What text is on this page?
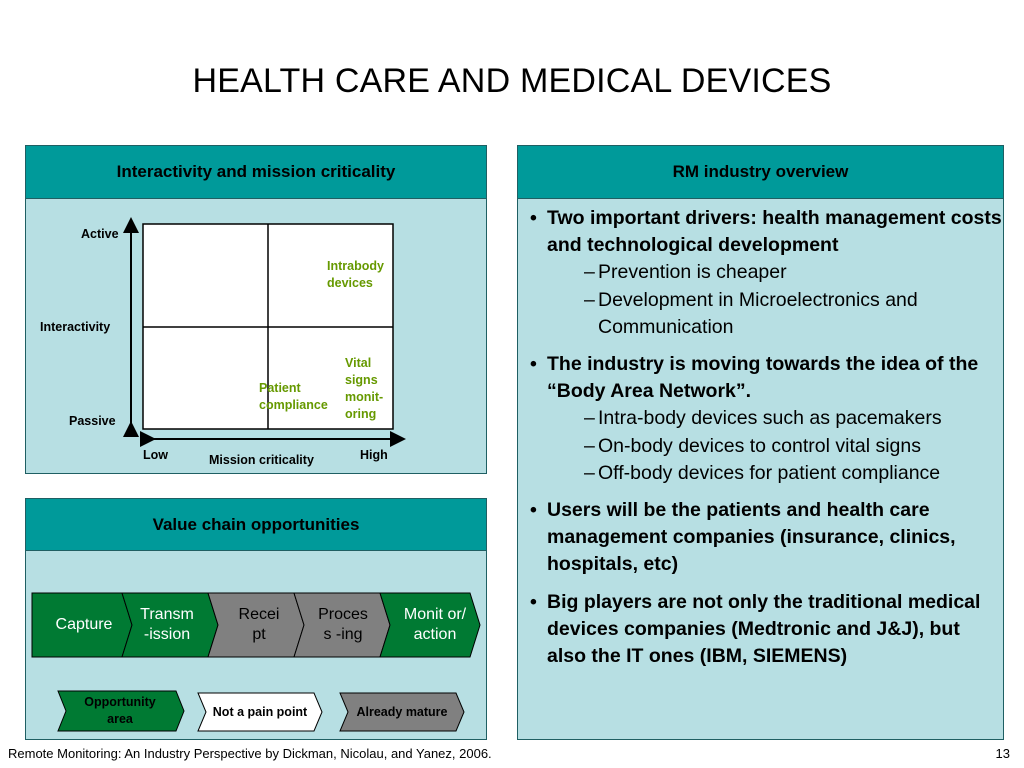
HEALTH CARE AND MEDICAL DEVICES
Interactivity and mission criticality
Active
Interactivity
Passive
Low	Mission criticality	High
Intrabody devices
Vital signs monit-oring
Patient compliance
Value chain opportunities
Capture
Transm -ission
Recei pt
Proces s -ing
Monit or/ action
Opportunity area
Not a pain point	Already mature
RM industry overview
• Two important drivers: health management costs and technological development
– Prevention is cheaper
– Development in Microelectronics and Communication
• The industry is moving towards the idea of the “Body Area Network”.
– Intra-body devices such as pacemakers
– On-body devices to control vital signs
– Off-body devices for patient compliance
• Users will be the patients and health care management companies (insurance, clinics, hospitals, etc)
• Big players are not only the traditional medical devices companies (Medtronic and J&J), but also the IT ones (IBM, SIEMENS)
Remote Monitoring: An Industry Perspective by Dickman, Nicolau, and Yanez, 2006.	13
